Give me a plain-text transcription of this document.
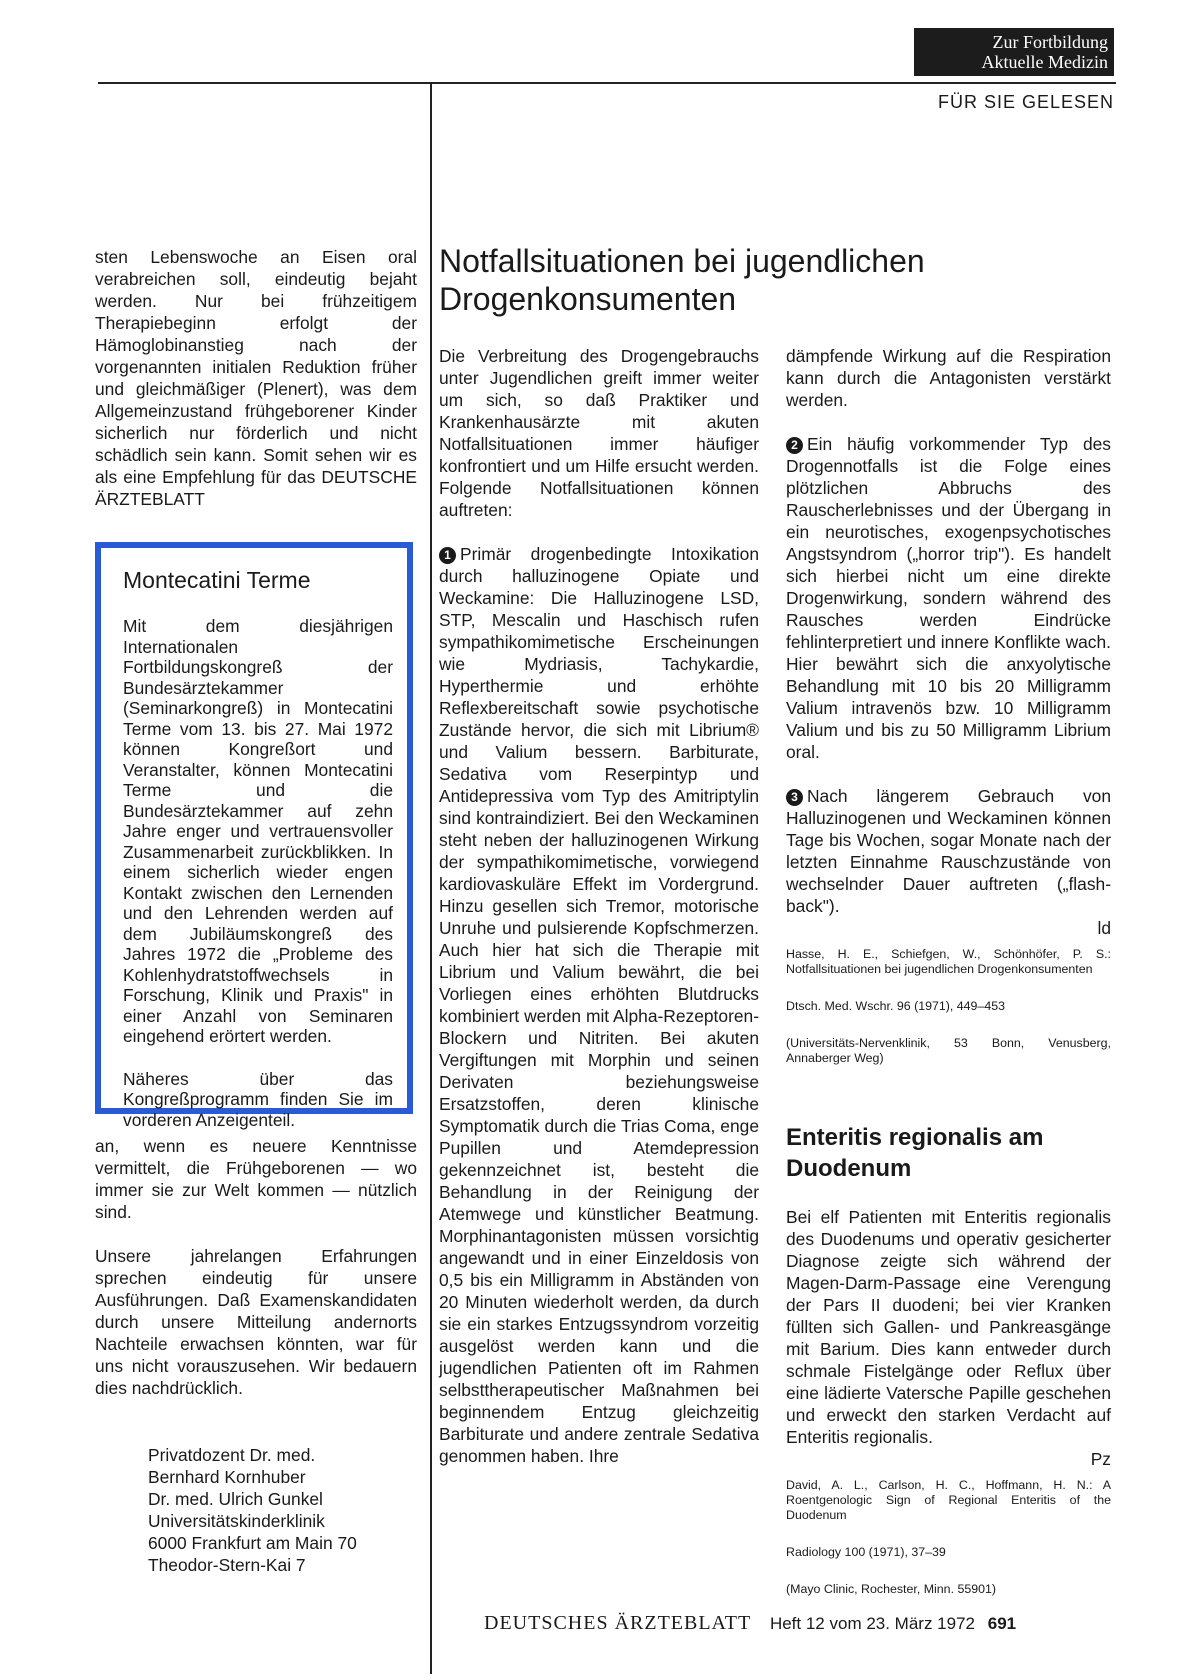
Zur Fortbildung
Aktuelle Medizin
FÜR SIE GELESEN

sten Lebenswoche an Eisen oral verabreichen soll, eindeutig bejaht werden. Nur bei frühzeitigem Therapiebeginn erfolgt der Hämoglobinanstieg nach der vorgenannten initialen Reduktion früher und gleichmäßiger (Plenert), was dem Allgemeinzustand frühgeborener Kinder sicherlich nur förderlich und nicht schädlich sein kann. Somit sehen wir es als eine Empfehlung für das DEUTSCHE ÄRZTEBLATT

Montecatini Terme

Mit dem diesjährigen Internationalen Fortbildungskongreß der Bundesärztekammer (Seminarkongreß) in Montecatini Terme vom 13. bis 27. Mai 1972 können Kongreßort und Veranstalter, können Montecatini Terme und die Bundesärztekammer auf zehn Jahre enger und vertrauensvoller Zusammenarbeit zurückblikken. In einem sicherlich wieder engen Kontakt zwischen den Lernenden und den Lehrenden werden auf dem Jubiläumskongreß des Jahres 1972 die „Probleme des Kohlenhydratstoffwechsels in Forschung, Klinik und Praxis" in einer Anzahl von Seminaren eingehend erörtert werden.

Näheres über das Kongreßprogramm finden Sie im vorderen Anzeigenteil.

an, wenn es neuere Kenntnisse vermittelt, die Frühgeborenen — wo immer sie zur Welt kommen — nützlich sind.

Unsere jahrelangen Erfahrungen sprechen eindeutig für unsere Ausführungen. Daß Examenskandidaten durch unsere Mitteilung andernorts Nachteile erwachsen könnten, war für uns nicht vorauszusehen. Wir bedauern dies nachdrücklich.

Privatdozent Dr. med.
Bernhard Kornhuber
Dr. med. Ulrich Gunkel
Universitätskinderklinik
6000 Frankfurt am Main 70
Theodor-Stern-Kai 7
Notfallsituationen bei jugendlichen Drogenkonsumenten

Die Verbreitung des Drogengebrauchs unter Jugendlichen greift immer weiter um sich, so daß Praktiker und Krankenhausärzte mit akuten Notfallsituationen immer häufiger konfrontiert und um Hilfe ersucht werden. Folgende Notfallsituationen können auftreten:

1 Primär drogenbedingte Intoxikation durch halluzinogene Opiate und Weckamine: Die Halluzinogene LSD, STP, Mescalin und Haschisch rufen sympathikomimetische Erscheinungen wie Mydriasis, Tachykardie, Hyperthermie und erhöhte Reflexbereitschaft sowie psychotische Zustände hervor, die sich mit Librium® und Valium bessern. Barbiturate, Sedativa vom Reserpintyp und Antidepressiva vom Typ des Amitriptylin sind kontraindiziert. Bei den Weckaminen steht neben der halluzinogenen Wirkung der sympathikomimetische, vorwiegend kardiovaskuläre Effekt im Vordergrund. Hinzu gesellen sich Tremor, motorische Unruhe und pulsierende Kopfschmerzen. Auch hier hat sich die Therapie mit Librium und Valium bewährt, die bei Vorliegen eines erhöhten Blutdrucks kombiniert werden mit Alpha-Rezeptoren-Blockern und Nitriten. Bei akuten Vergiftungen mit Morphin und seinen Derivaten beziehungsweise Ersatzstoffen, deren klinische Symptomatik durch die Trias Coma, enge Pupillen und Atemdepression gekennzeichnet ist, besteht die Behandlung in der Reinigung der Atemwege und künstlicher Beatmung. Morphinantagonisten müssen vorsichtig angewandt und in einer Einzeldosis von 0,5 bis ein Milligramm in Abständen von 20 Minuten wiederholt werden, da durch sie ein starkes Entzugssyndrom vorzeitig ausgelöst werden kann und die jugendlichen Patienten oft im Rahmen selbsttherapeutischer Maßnahmen bei beginnendem Entzug gleichzeitig Barbiturate und andere zentrale Sedativa genommen haben. Ihre

dämpfende Wirkung auf die Respiration kann durch die Antagonisten verstärkt werden.

2 Ein häufig vorkommender Typ des Drogennotfalls ist die Folge eines plötzlichen Abbruchs des Rauscherlebnisses und der Übergang in ein neurotisches, exogenpsychotisches Angstsyndrom („horror trip"). Es handelt sich hierbei nicht um eine direkte Drogenwirkung, sondern während des Rausches werden Eindrücke fehlinterpretiert und innere Konflikte wach. Hier bewährt sich die anxyolytische Behandlung mit 10 bis 20 Milligramm Valium intravenös bzw. 10 Milligramm Valium und bis zu 50 Milligramm Librium oral.

3 Nach längerem Gebrauch von Halluzinogenen und Weckaminen können Tage bis Wochen, sogar Monate nach der letzten Einnahme Rauschzustände von wechselnder Dauer auftreten („flash-back").
ld

Hasse, H. E., Schiefgen, W., Schönhöfer, P. S.: Notfallsituationen bei jugendlichen Drogenkonsumenten

Dtsch. Med. Wschr. 96 (1971), 449–453

(Universitäts-Nervenklinik, 53 Bonn, Venusberg, Annaberger Weg)

Enteritis regionalis am Duodenum

Bei elf Patienten mit Enteritis regionalis des Duodenums und operativ gesicherter Diagnose zeigte sich während der Magen-Darm-Passage eine Verengung der Pars II duodeni; bei vier Kranken füllten sich Gallen- und Pankreasgänge mit Barium. Dies kann entweder durch schmale Fistelgänge oder Reflux über eine lädierte Vatersche Papille geschehen und erweckt den starken Verdacht auf Enteritis regionalis.
Pz

David, A. L., Carlson, H. C., Hoffmann, H. N.: A Roentgenologic Sign of Regional Enteritis of the Duodenum

Radiology 100 (1971), 37–39

(Mayo Clinic, Rochester, Minn. 55901)

DEUTSCHES ÄRZTEBLATT Heft 12 vom 23. März 1972 691
